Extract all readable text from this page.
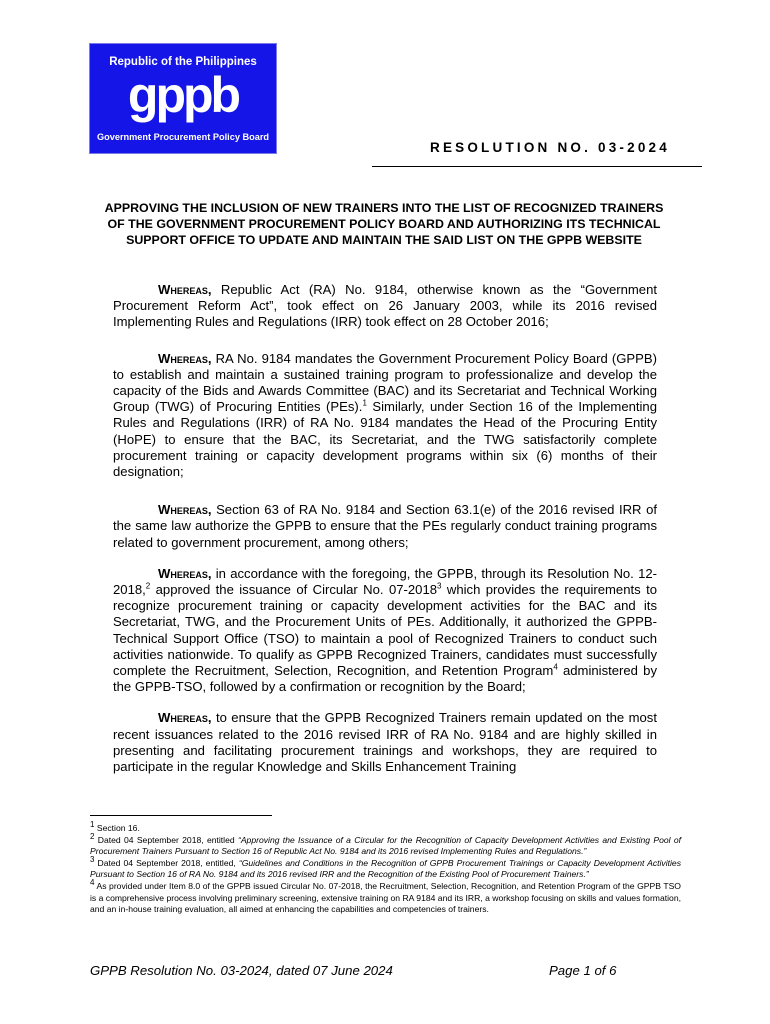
Republic of the Philippines
gppb
Government Procurement Policy Board
RESOLUTION NO. 03-2024
APPROVING THE INCLUSION OF NEW TRAINERS INTO THE LIST OF RECOGNIZED TRAINERS OF THE GOVERNMENT PROCUREMENT POLICY BOARD AND AUTHORIZING ITS TECHNICAL SUPPORT OFFICE TO UPDATE AND MAINTAIN THE SAID LIST ON THE GPPB WEBSITE

Whereas, Republic Act (RA) No. 9184, otherwise known as the “Government Procurement Reform Act”, took effect on 26 January 2003, while its 2016 revised Implementing Rules and Regulations (IRR) took effect on 28 October 2016;

Whereas, RA No. 9184 mandates the Government Procurement Policy Board (GPPB) to establish and maintain a sustained training program to professionalize and develop the capacity of the Bids and Awards Committee (BAC) and its Secretariat and Technical Working Group (TWG) of Procuring Entities (PEs).$^1$ Similarly, under Section 16 of the Implementing Rules and Regulations (IRR) of RA No. 9184 mandates the Head of the Procuring Entity (HoPE) to ensure that the BAC, its Secretariat, and the TWG satisfactorily complete procurement training or capacity development programs within six (6) months of their designation;

Whereas, Section 63 of RA No. 9184 and Section 63.1(e) of the 2016 revised IRR of the same law authorize the GPPB to ensure that the PEs regularly conduct training programs related to government procurement, among others;

Whereas, in accordance with the foregoing, the GPPB, through its Resolution No. 12-2018,$^2$ approved the issuance of Circular No. 07-2018$^3$ which provides the requirements to recognize procurement training or capacity development activities for the BAC and its Secretariat, TWG, and the Procurement Units of PEs. Additionally, it authorized the GPPB-Technical Support Office (TSO) to maintain a pool of Recognized Trainers to conduct such activities nationwide. To qualify as GPPB Recognized Trainers, candidates must successfully complete the Recruitment, Selection, Recognition, and Retention Program$^4$ administered by the GPPB-TSO, followed by a confirmation or recognition by the Board;

Whereas, to ensure that the GPPB Recognized Trainers remain updated on the most recent issuances related to the 2016 revised IRR of RA No. 9184 and are highly skilled in presenting and facilitating procurement trainings and workshops, they are required to participate in the regular Knowledge and Skills Enhancement Training

$^1$ Section 16.

$^2$ Dated 04 September 2018, entitled “Approving the Issuance of a Circular for the Recognition of Capacity Development Activities and Existing Pool of Procurement Trainers Pursuant to Section 16 of Republic Act No. 9184 and its 2016 revised Implementing Rules and Regulations.”

$^3$ Dated 04 September 2018, entitled, “Guidelines and Conditions in the Recognition of GPPB Procurement Trainings or Capacity Development Activities Pursuant to Section 16 of RA No. 9184 and its 2016 revised IRR and the Recognition of the Existing Pool of Procurement Trainers.”

$^4$ As provided under Item 8.0 of the GPPB issued Circular No. 07-2018, the Recruitment, Selection, Recognition, and Retention Program of the GPPB TSO is a comprehensive process involving preliminary screening, extensive training on RA 9184 and its IRR, a workshop focusing on skills and values formation, and an in-house training evaluation, all aimed at enhancing the capabilities and competencies of trainers.

GPPB Resolution No. 03-2024, dated 07 June 2024	Page 1 of 6
